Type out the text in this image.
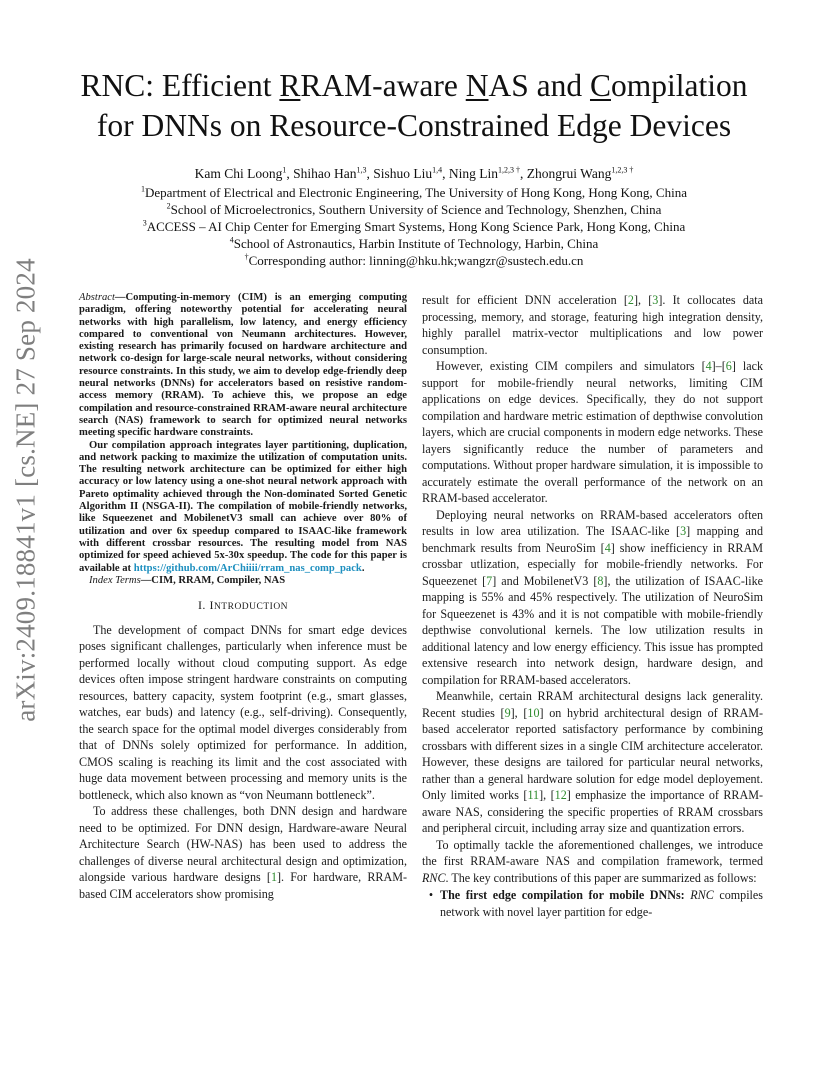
arXiv:2409.18841v1 [cs.NE] 27 Sep 2024
RNC: Efficient RRAM-aware NAS and Compilation
for DNNs on Resource-Constrained Edge Devices
Kam Chi Loong$^1$, Shihao Han$^{1,3}$, Sishuo Liu$^{1,4}$, Ning Lin$^{1,2,3 \dagger}$, Zhongrui Wang$^{1,2,3 \dagger}$
$^1$Department of Electrical and Electronic Engineering, The University of Hong Kong, Hong Kong, China
$^2$School of Microelectronics, Southern University of Science and Technology, Shenzhen, China
$^3$ACCESS – AI Chip Center for Emerging Smart Systems, Hong Kong Science Park, Hong Kong, China
$^4$School of Astronautics, Harbin Institute of Technology, Harbin, China
†Corresponding author: linning@hku.hk;wangzr@sustech.edu.cn

Abstract—Computing-in-memory (CIM) is an emerging computing paradigm, offering noteworthy potential for accelerating neural networks with high parallelism, low latency, and energy efficiency compared to conventional von Neumann architectures. However, existing research has primarily focused on hardware architecture and network co-design for large-scale neural networks, without considering resource constraints. In this study, we aim to develop edge-friendly deep neural networks (DNNs) for accelerators based on resistive random-access memory (RRAM). To achieve this, we propose an edge compilation and resource-constrained RRAM-aware neural architecture search (NAS) framework to search for optimized neural networks meeting specific hardware constraints.

Our compilation approach integrates layer partitioning, duplication, and network packing to maximize the utilization of computation units. The resulting network architecture can be optimized for either high accuracy or low latency using a one-shot neural network approach with Pareto optimality achieved through the Non-dominated Sorted Genetic Algorithm II (NSGA-II). The compilation of mobile-friendly networks, like Squeezenet and MobilenetV3 small can achieve over 80% of utilization and over 6x speedup compared to ISAAC-like framework with different crossbar resources. The resulting model from NAS optimized for speed achieved 5x-30x speedup. The code for this paper is available at https://github.com/ArChiiii/rram_nas_comp_pack.

Index Terms—CIM, RRAM, Compiler, NAS

I. INTRODUCTION

The development of compact DNNs for smart edge devices poses significant challenges, particularly when inference must be performed locally without cloud computing support. As edge devices often impose stringent hardware constraints on computing resources, battery capacity, system footprint (e.g., smart glasses, watches, ear buds) and latency (e.g., self-driving). Consequently, the search space for the optimal model diverges considerably from that of DNNs solely optimized for performance. In addition, CMOS scaling is reaching its limit and the cost associated with huge data movement between processing and memory units is the bottleneck, which also known as “von Neumann bottleneck”.

To address these challenges, both DNN design and hardware need to be optimized. For DNN design, Hardware-aware Neural Architecture Search (HW-NAS) has been used to address the challenges of diverse neural architectural design and optimization, alongside various hardware designs [1]. For hardware, RRAM-based CIM accelerators show promising

result for efficient DNN acceleration [2], [3]. It collocates data processing, memory, and storage, featuring high integration density, highly parallel matrix-vector multiplications and low power consumption.

However, existing CIM compilers and simulators [4]–[6] lack support for mobile-friendly neural networks, limiting CIM applications on edge devices. Specifically, they do not support compilation and hardware metric estimation of depthwise convolution layers, which are crucial components in modern edge networks. These layers significantly reduce the number of parameters and computations. Without proper hardware simulation, it is impossible to accurately estimate the overall performance of the network on an RRAM-based accelerator.

Deploying neural networks on RRAM-based accelerators often results in low area utilization. The ISAAC-like [3] mapping and benchmark results from NeuroSim [4] show inefficiency in RRAM crossbar utlization, especially for mobile-friendly networks. For Squeezenet [7] and MobilenetV3 [8], the utilization of ISAAC-like mapping is 55% and 45% respectively. The utilization of NeuroSim for Squeezenet is 43% and it is not compatible with mobile-friendly depthwise convolutional kernels. The low utilization results in additional latency and low energy efficiency. This issue has prompted extensive research into network design, hardware design, and compilation for RRAM-based accelerators.

Meanwhile, certain RRAM architectural designs lack generality. Recent studies [9], [10] on hybrid architectural design of RRAM-based accelerator reported satisfactory performance by combining crossbars with different sizes in a single CIM architecture accelerator. However, these designs are tailored for particular neural networks, rather than a general hardware solution for edge model deployement. Only limited works [11], [12] emphasize the importance of RRAM-aware NAS, considering the specific properties of RRAM crossbars and peripheral circuit, including array size and quantization errors.

To optimally tackle the aforementioned challenges, we introduce the first RRAM-aware NAS and compilation framework, termed RNC. The key contributions of this paper are summarized as follows:

• The first edge compilation for mobile DNNs: RNC compiles network with novel layer partition for edge-
